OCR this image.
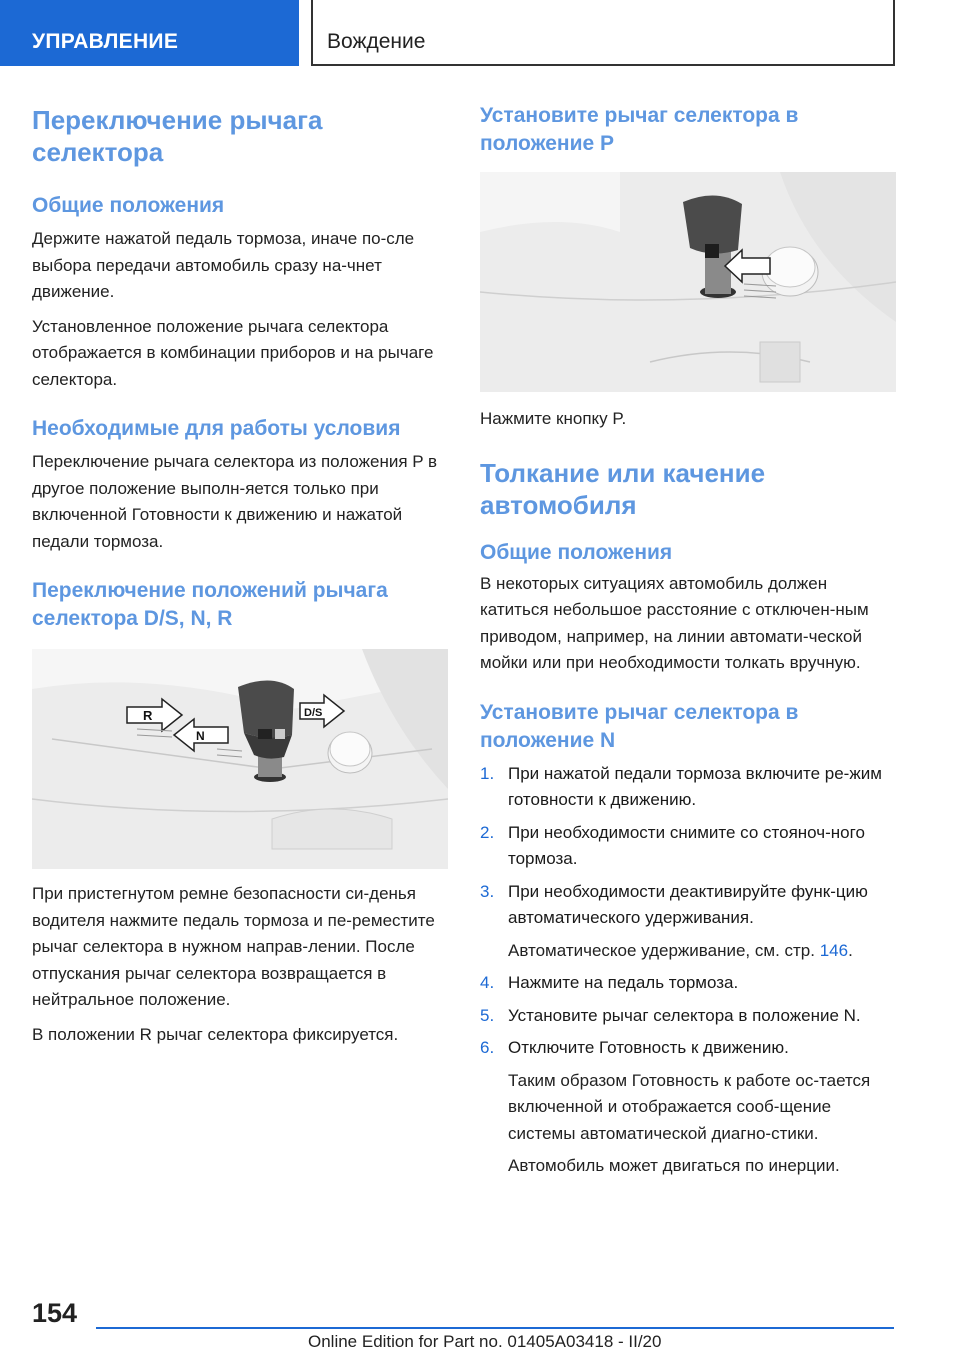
УПРАВЛЕНИЕ	Вождение
Переключение рычага селектора
Общие положения

Держите нажатой педаль тормоза, иначе по-сле выбора передачи автомобиль сразу на-чнет движение.

Установленное положение рычага селектора отображается в комбинации приборов и на рычаге селектора.

Необходимые для работы условия

Переключение рычага селектора из положения P в другое положение выполн-яется только при включенной Готовности к движению и нажатой педали тормоза.

Переключение положений рычага селектора D/S, N, R
R
N
D/S

При пристегнутом ремне безопасности си-денья водителя нажмите педаль тормоза и пе-реместите рычаг селектора в нужном направ-лении. После отпускания рычаг селектора возвращается в нейтральное положение.

В положении R рычаг селектора фиксируется.

Установите рычаг селектора в положение P

Нажмите кнопку P.

Толкание или качение автомобиля
Общие положения

В некоторых ситуациях автомобиль должен катиться небольшое расстояние с отключен-ным приводом, например, на линии автомати-ческой мойки или при необходимости толкать вручную.

Установите рычаг селектора в положение N
1. При нажатой педали тормоза включите ре-жим готовности к движению.
2. При необходимости снимите со стояноч-ного тормоза.
3. При необходимости деактивируйте функ-цию автоматического удерживания.

Автоматическое удерживание, см. стр. 146.

4. Нажмите на педаль тормоза.
5. Установите рычаг селектора в положение N.
6. Отключите Готовность к движению.

Таким образом Готовность к работе ос-тается включенной и отображается сооб-щение системы автоматической диагно-стики.

Автомобиль может двигаться по инерции.

154
Online Edition for Part no. 01405A03418 - II/20
